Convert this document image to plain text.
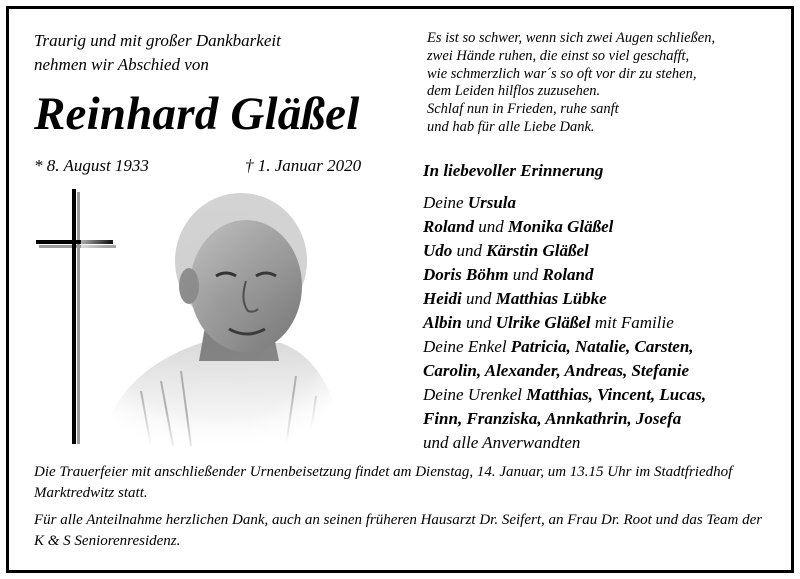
Traurig und mit großer Dankbarkeit
nehmen wir Abschied von
Reinhard Gläßel
Es ist so schwer, wenn sich zwei Augen schließen,
zwei Hände ruhen, die einst so viel geschafft,
wie schmerzlich war´s so oft vor dir zu stehen,
dem Leiden hilflos zuzusehen.
Schlaf nun in Frieden, ruhe sanft
und hab für alle Liebe Dank.
* 8. August 1933	† 1. Januar 2020	In liebevoller Erinnerung
Deine Ursula
Roland und Monika Gläßel
Udo und Kärstin Gläßel
Doris Böhm und Roland
Heidi und Matthias Lübke
Albin und Ulrike Gläßel mit Familie
Deine Enkel Patricia, Natalie, Carsten,
Carolin, Alexander, Andreas, Stefanie
Deine Urenkel Matthias, Vincent, Lucas,
Finn, Franziska, Annkathrin, Josefa
und alle Anverwandten
Die Trauerfeier mit anschließender Urnenbeisetzung findet am Dienstag, 14. Januar, um 13.15 Uhr im Stadtfriedhof Marktredwitz statt.
Für alle Anteilnahme herzlichen Dank, auch an seinen früheren Hausarzt Dr. Seifert, an Frau Dr. Root und das Team der K & S Seniorenresidenz.
